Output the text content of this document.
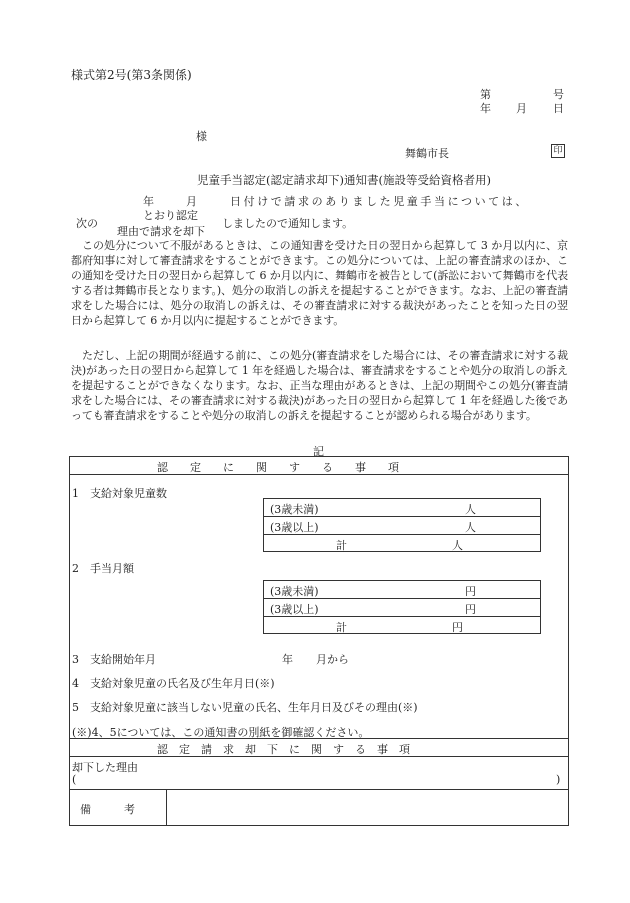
様式第2号(第3条関係)
第	号
年 月 日
様
舞鶴市長	印
児童手当認定(認定請求却下)通知書(施設等受給資格者用)
年	月	日付けで請求のありました児童手当については、
次の
とおり認定
理由で請求を却下
しましたので通知します。
この処分について不服があるときは、この通知書を受けた日の翌日から起算して 3 か月以内に、京都府知事に対して審査請求をすることができます。この処分については、上記の審査請求のほか、この通知を受けた日の翌日から起算して 6 か月以内に、舞鶴市を被告として(訴訟において舞鶴市を代表する者は舞鶴市長となります。)、処分の取消しの訴えを提起することができます。なお、上記の審査請求をした場合には、処分の取消しの訴えは、その審査請求に対する裁決があったことを知った日の翌日から起算して 6 か月以内に提起することができます。
ただし、上記の期間が経過する前に、この処分(審査請求をした場合には、その審査請求に対する裁決)があった日の翌日から起算して 1 年を経過した場合は、審査請求をすることや処分の取消しの訴えを提起することができなくなります。なお、正当な理由があるときは、上記の期間やこの処分(審査請求をした場合には、その審査請求に対する裁決)があった日の翌日から起算して 1 年を経過した後であっても審査請求をすることや処分の取消しの訴えを提起することが認められる場合があります。
記
認　　定　　に　　関　　す　　る　　事　　項
1　支給対象児童数
(3歳未満)	人
(3歳以上)	人
計	人
2　手当月額
(3歳未満)	円
(3歳以上)	円
計	円
3　支給開始年月	年 月から
4　支給対象児童の氏名及び生年月日(※)
5　支給対象児童に該当しない児童の氏名、生年月日及びその理由(※)
(※)4、5については、この通知書の別紙を御確認ください。
認　定　請　求　却　下　に　関　す　る　事　項
却下した理由
(	)
備　　　考
